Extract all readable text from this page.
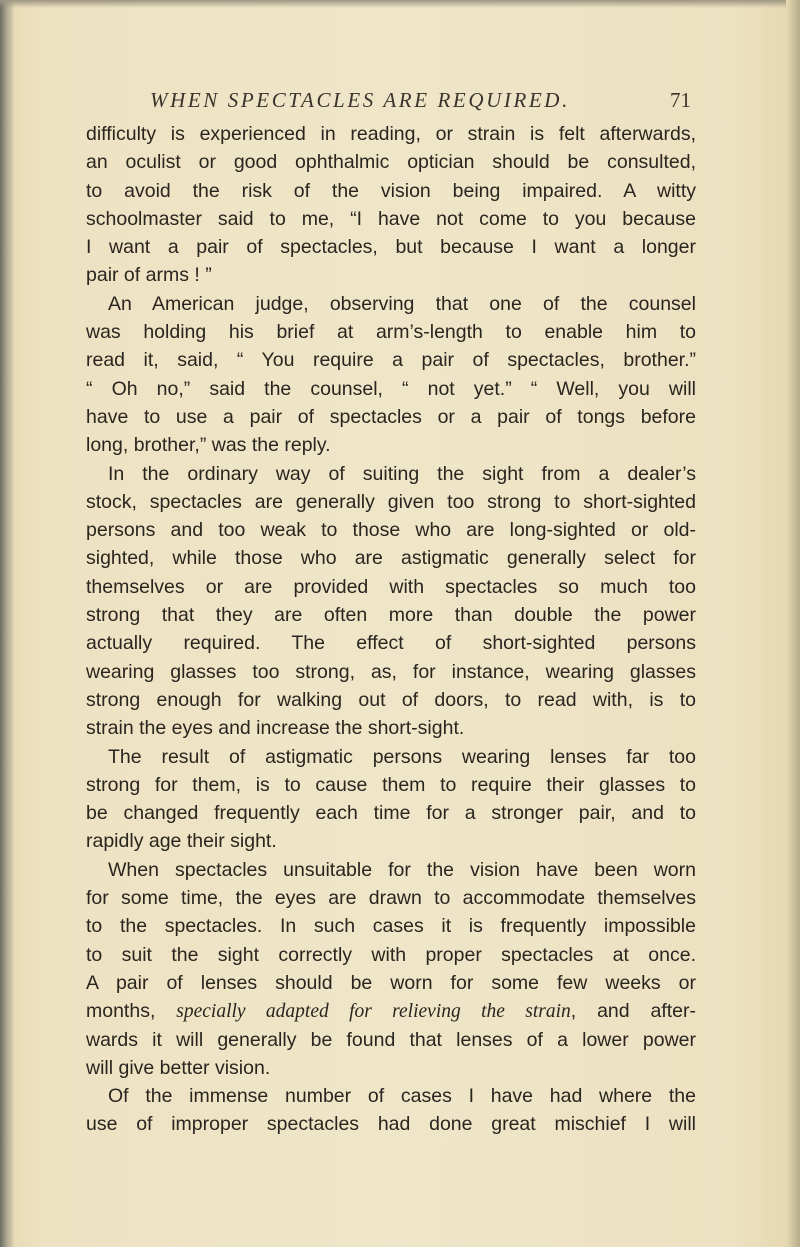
WHEN SPECTACLES ARE REQUIRED.	71
difficulty is experienced in reading, or strain is felt afterwards,
an oculist or good ophthalmic optician should be consulted,
to avoid the risk of the vision being impaired. A witty
schoolmaster said to me, “I have not come to you because
I want a pair of spectacles, but because I want a longer
pair of arms ! ”
An American judge, observing that one of the counsel
was holding his brief at arm’s-length to enable him to
read it, said, “ You require a pair of spectacles, brother.”
“ Oh no,” said the counsel, “ not yet.” “ Well, you will
have to use a pair of spectacles or a pair of tongs before
long, brother,” was the reply.
In the ordinary way of suiting the sight from a dealer’s
stock, spectacles are generally given too strong to short-sighted
persons and too weak to those who are long-sighted or old-
sighted, while those who are astigmatic generally select for
themselves or are provided with spectacles so much too
strong that they are often more than double the power
actually required. The effect of short-sighted persons
wearing glasses too strong, as, for instance, wearing glasses
strong enough for walking out of doors, to read with, is to
strain the eyes and increase the short-sight.
The result of astigmatic persons wearing lenses far too
strong for them, is to cause them to require their glasses to
be changed frequently each time for a stronger pair, and to
rapidly age their sight.
When spectacles unsuitable for the vision have been worn
for some time, the eyes are drawn to accommodate themselves
to the spectacles. In such cases it is frequently impossible
to suit the sight correctly with proper spectacles at once.
A pair of lenses should be worn for some few weeks or
months, specially adapted for relieving the strain, and after-
wards it will generally be found that lenses of a lower power
will give better vision.
Of the immense number of cases I have had where the
use of improper spectacles had done great mischief I will
